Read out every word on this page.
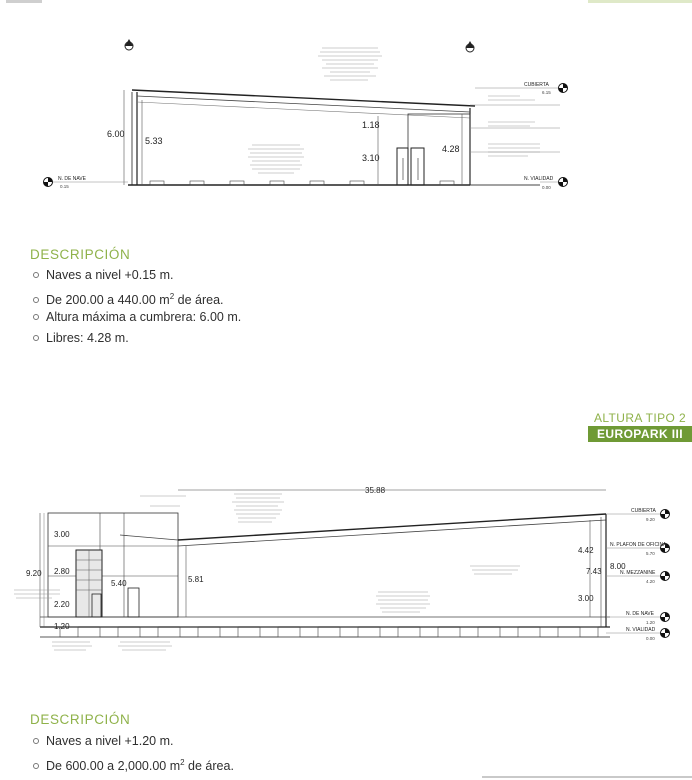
6.00
5.33
1.18
3.10
4.28
CUBIERTA
6.15
N. VIALIDAD
0.00
N. DE NAVE
0.15
DESCRIPCIÓN
Naves a nivel +0.15 m.
De 200.00 a 440.00 $m^2$ de área.
Altura máxima a cumbrera: 6.00 m.
Libres: 4.28 m.
ALTURA TIPO 2
EUROPARK III
35.88
9.20
3.00
2.80
2.20
1.20
5.40	5.81
4.42
7.43
8.00
3.00
CUBIERTA
9.20
N. PLAFON DE OFICINA
5.70
N. MEZZANINE
4.20
N. DE NAVE
1.20
N. VIALIDAD
0.00
DESCRIPCIÓN
Naves a nivel +1.20 m.
De 600.00 a 2,000.00 $m^2$ de área.
